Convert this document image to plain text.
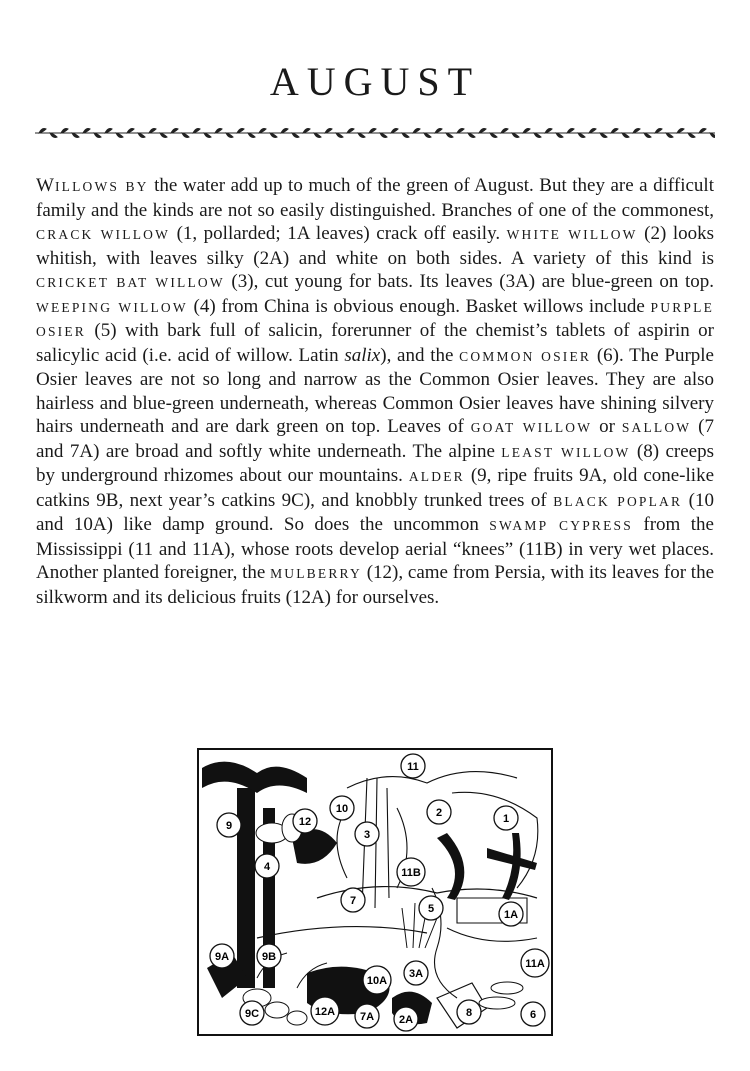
AUGUST
WILLOWS BY the water add up to much of the green of August. But they are a difficult family and the kinds are not so easily distinguished. Branches of one of the commonest, CRACK WILLOW (1, pollarded; 1A leaves) crack off easily. WHITE WILLOW (2) looks whitish, with leaves silky (2A) and white on both sides. A variety of this kind is CRICKET BAT WILLOW (3), cut young for bats. Its leaves (3A) are blue-green on top. WEEPING WILLOW (4) from China is obvious enough. Basket willows include PURPLE OSIER (5) with bark full of salicin, forerunner of the chemist’s tablets of aspirin or salicylic acid (i.e. acid of willow. Latin salix), and the COMMON OSIER (6). The Purple Osier leaves are not so long and narrow as the Common Osier leaves. They are also hairless and blue-green underneath, whereas Common Osier leaves have shining silvery hairs underneath and are dark green on top. Leaves of GOAT WILLOW or SALLOW (7 and 7A) are broad and softly white underneath. The alpine LEAST WILLOW (8) creeps by underground rhizomes about our mountains. ALDER (9, ripe fruits 9A, old cone-like catkins 9B, next year’s catkins 9C), and knobbly trunked trees of BLACK POPLAR (10 and 10A) like damp ground. So does the uncommon SWAMP CYPRESS from the Mississippi (11 and 11A), whose roots develop aerial “knees” (11B) in very wet places. Another planted foreigner, the MULBERRY (12), came from Persia, with its leaves for the silkworm and its delicious fruits (12A) for ourselves.
11
10
12
9
2	1
3
4	11B
7
5	1A
9A	9B
11A
3A
10A
12A
9C	7A 2A
8	6
